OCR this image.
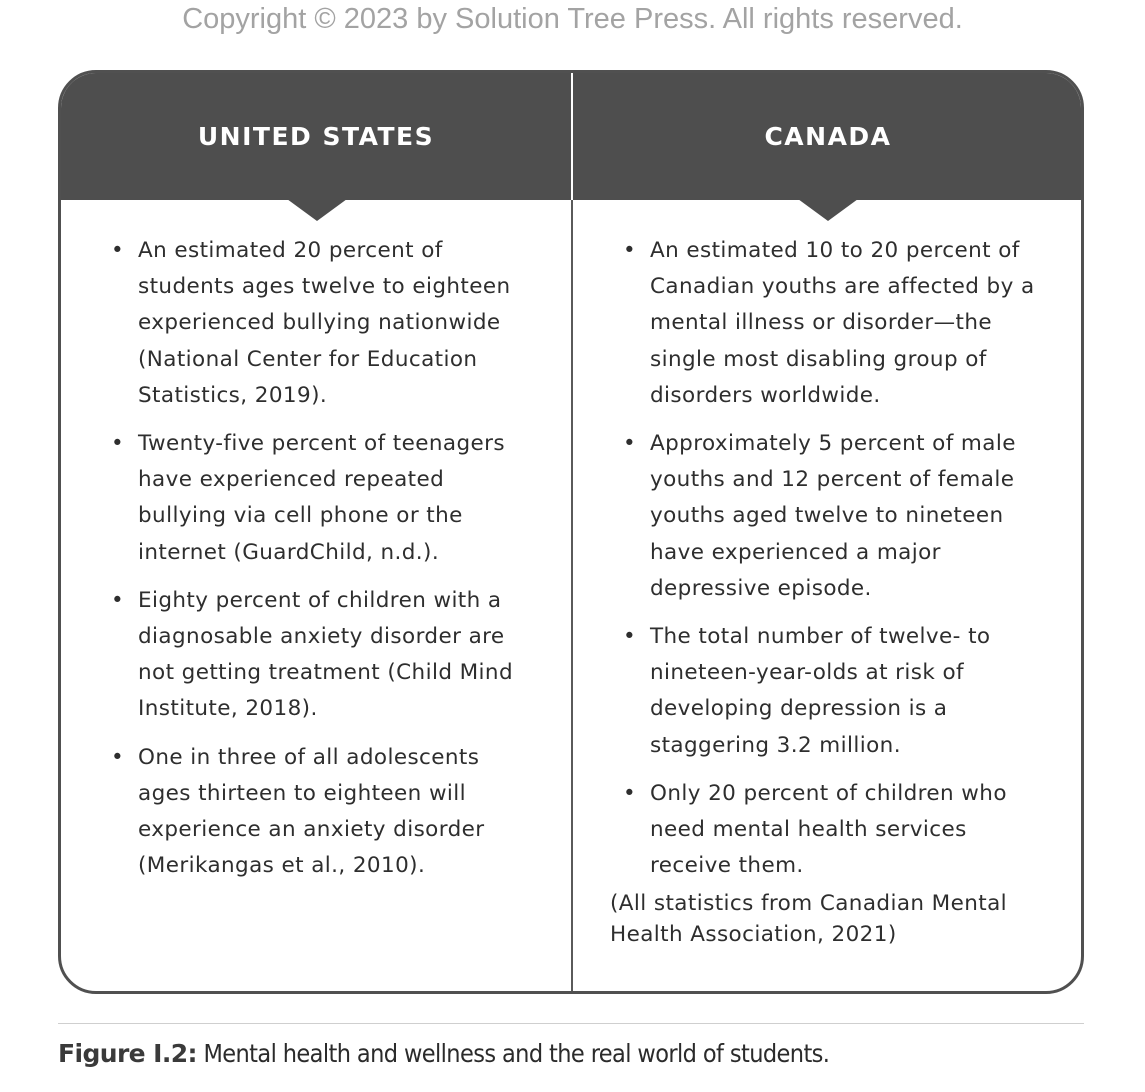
Copyright © 2023 by Solution Tree Press. All rights reserved.
UNITED STATES	CANADA
• An estimated 20 percent of students ages twelve to eighteen experienced bullying nationwide (National Center for Education Statistics, 2019).
• Twenty-five percent of teenagers have experienced repeated bullying via cell phone or the internet (GuardChild, n.d.).
• Eighty percent of children with a diagnosable anxiety disorder are not getting treatment (Child Mind Institute, 2018).
• One in three of all adolescents ages thirteen to eighteen will experience an anxiety disorder (Merikangas et al., 2010).
• An estimated 10 to 20 percent of Canadian youths are affected by a mental illness or disorder—the single most disabling group of disorders worldwide.
• Approximately 5 percent of male youths and 12 percent of female youths aged twelve to nineteen have experienced a major depressive episode.
• The total number of twelve- to nineteen-year-olds at risk of developing depression is a staggering 3.2 million.
• Only 20 percent of children who need mental health services receive them.
(All statistics from Canadian Mental Health Association, 2021)
Figure I.2: Mental health and wellness and the real world of students.
